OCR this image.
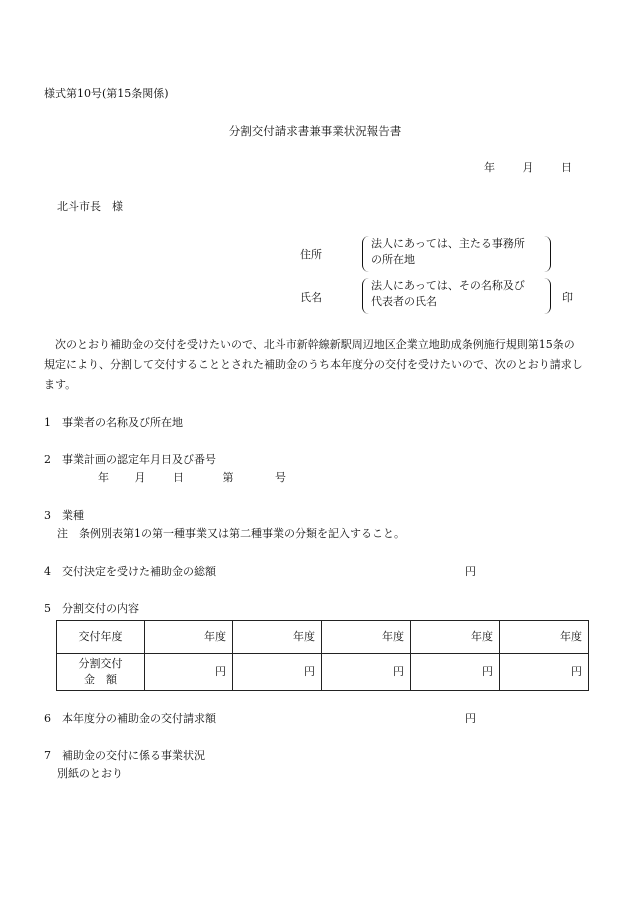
様式第10号(第15条関係)
分割交付請求書兼事業状況報告書
年	月	日
北斗市長　様
住所
法人にあっては、主たる事務所
の所在地
氏名
法人にあっては、その名称及び
代表者の氏名	印
次のとおり補助金の交付を受けたいので、北斗市新幹線新駅周辺地区企業立地助成条例施行規則第15条の規定により、分割して交付することとされた補助金のうち本年度分の交付を受けたいので、次のとおり請求します。
1　事業者の名称及び所在地
2　事業計画の認定年月日及び番号
年 月	日	第	号
3　業種
注　条例別表第1の第一種事業又は第二種事業の分類を記入すること。
4　交付決定を受けた補助金の総額	円
5　分割交付の内容
交付年度	年度	年度	年度	年度	年度

分割交付
金　額	円	円	円	円	円
6　本年度分の補助金の交付請求額	円
7　補助金の交付に係る事業状況
別紙のとおり
